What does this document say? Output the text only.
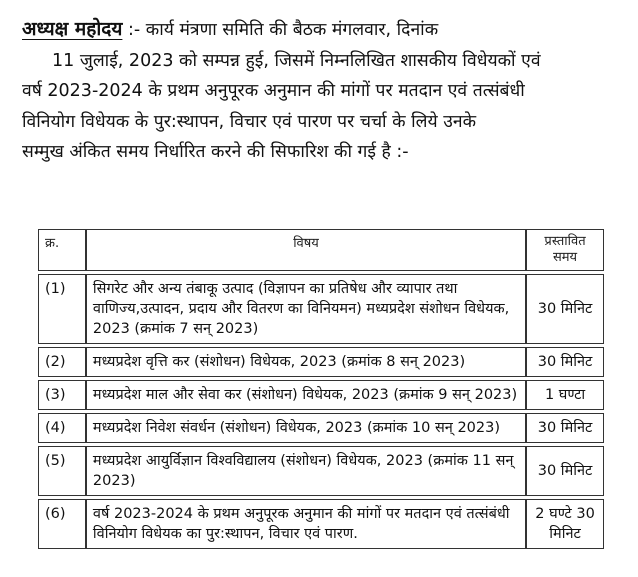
अध्यक्ष महोदय :- कार्य मंत्रणा समिति की बैठक मंगलवार, दिनांक
11 जुलाई, 2023 को सम्पन्न हुई, जिसमें निम्नलिखित शासकीय विधेयकों एवं
वर्ष 2023-2024 के प्रथम अनुपूरक अनुमान की मांगों पर मतदान एवं तत्संबंधी
विनियोग विधेयक के पुर:स्थापन, विचार एवं पारण पर चर्चा के लिये उनके
सम्मुख अंकित समय निर्धारित करने की सिफारिश की गई है :-
क्र.	विषय	प्रस्तावित
समय
(1)	सिगरेट और अन्य तंबाकू उत्पाद (विज्ञापन का प्रतिषेध और व्यापार तथा वाणिज्य,उत्पादन, प्रदाय और वितरण का विनियमन) मध्यप्रदेश संशोधन विधेयक, 2023 (क्रमांक 7 सन् 2023)	30 मिनिट
(2)	मध्यप्रदेश वृत्ति कर (संशोधन) विधेयक, 2023 (क्रमांक 8 सन् 2023)	30 मिनिट
(3)	मध्यप्रदेश माल और सेवा कर (संशोधन) विधेयक, 2023 (क्रमांक 9 सन् 2023)	1 घण्टा
(4)	मध्यप्रदेश निवेश संवर्धन (संशोधन) विधेयक, 2023 (क्रमांक 10 सन् 2023)	30 मिनिट
(5)	मध्यप्रदेश आयुर्विज्ञान विश्वविद्यालय (संशोधन) विधेयक, 2023 (क्रमांक 11 सन् 2023)	30 मिनिट
(6)	वर्ष 2023-2024 के प्रथम अनुपूरक अनुमान की मांगों पर मतदान एवं तत्संबंधी विनियोग विधेयक का पुर:स्थापन, विचार एवं पारण.	2 घण्टे 30 मिनिट
